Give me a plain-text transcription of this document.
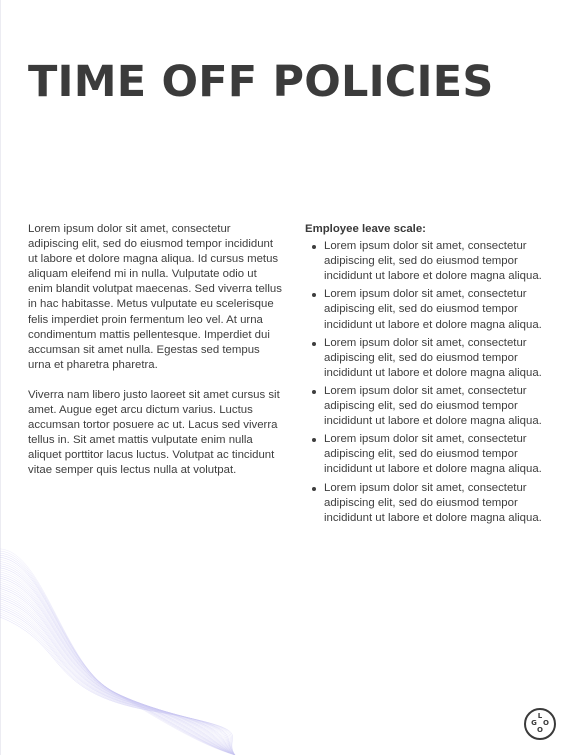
TIME OFF POLICIES

Lorem ipsum dolor sit amet, consectetur adipiscing elit, sed do eiusmod tempor incididunt ut labore et dolore magna aliqua. Id cursus metus aliquam eleifend mi in nulla. Vulputate odio ut enim blandit volutpat maecenas. Sed viverra tellus in hac habitasse. Metus vulputate eu scelerisque felis imperdiet proin fermentum leo vel. At urna condimentum mattis pellentesque. Imperdiet dui accumsan sit amet nulla. Egestas sed tempus urna et pharetra pharetra.

Viverra nam libero justo laoreet sit amet cursus sit amet. Augue eget arcu dictum varius. Luctus accumsan tortor posuere ac ut. Lacus sed viverra tellus in. Sit amet mattis vulputate enim nulla aliquet porttitor lacus luctus. Volutpat ac tincidunt vitae semper quis lectus nulla at volutpat.

Employee leave scale:
Lorem ipsum dolor sit amet, consectetur adipiscing elit, sed do eiusmod tempor incididunt ut labore et dolore magna aliqua.
Lorem ipsum dolor sit amet, consectetur adipiscing elit, sed do eiusmod tempor incididunt ut labore et dolore magna aliqua.
Lorem ipsum dolor sit amet, consectetur adipiscing elit, sed do eiusmod tempor incididunt ut labore et dolore magna aliqua.
Lorem ipsum dolor sit amet, consectetur adipiscing elit, sed do eiusmod tempor incididunt ut labore et dolore magna aliqua.
Lorem ipsum dolor sit amet, consectetur adipiscing elit, sed do eiusmod tempor incididunt ut labore et dolore magna aliqua.
Lorem ipsum dolor sit amet, consectetur adipiscing elit, sed do eiusmod tempor incididunt ut labore et dolore magna aliqua.
L
O
G
O
